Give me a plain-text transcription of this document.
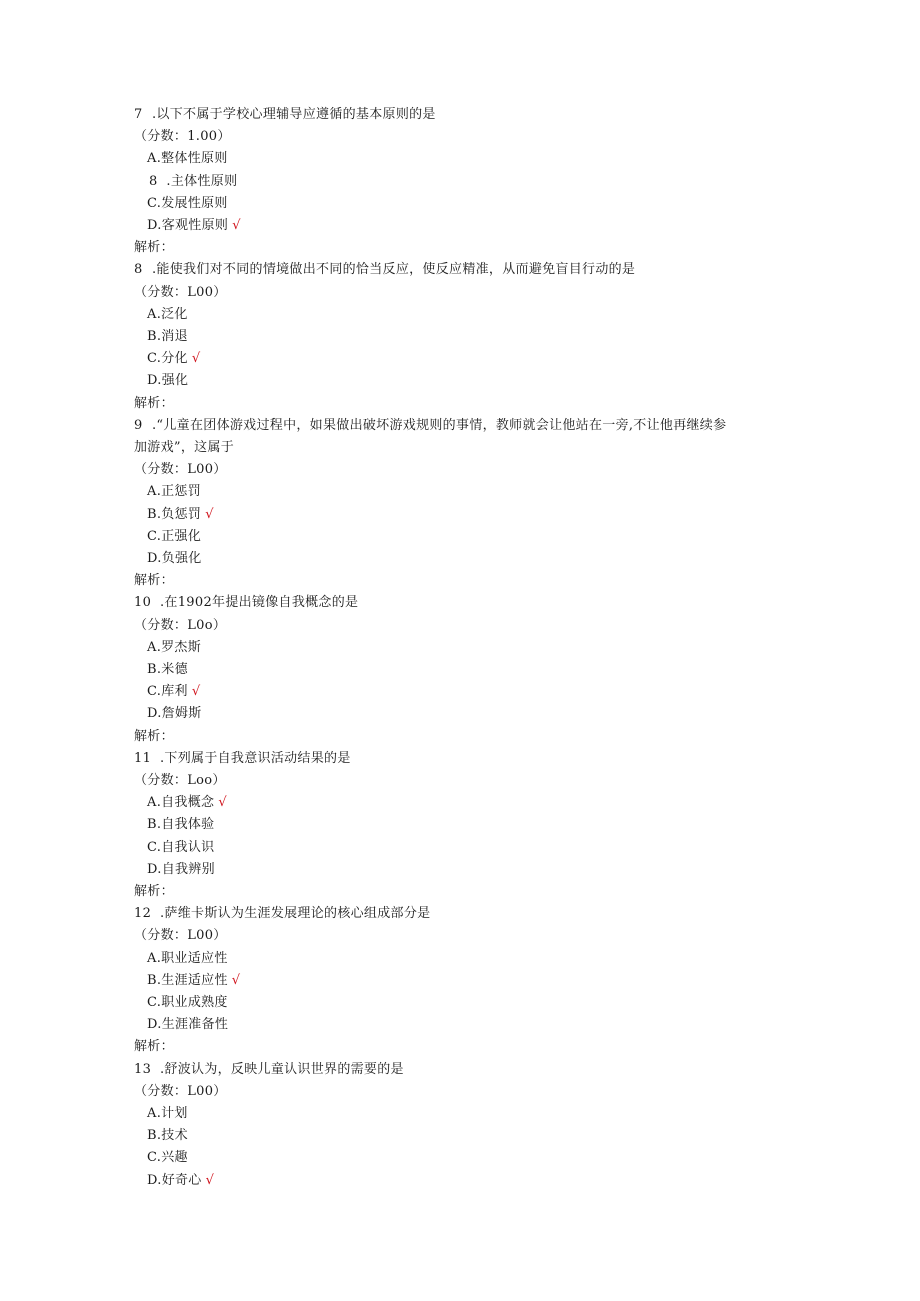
7 .以下不属于学校心理辅导应遵循的基本原则的是
（分数：1.00）
A.整体性原则
8  .主体性原则
C.发展性原则
D.客观性原则 √
解析：
8 .能使我们对不同的情境做出不同的恰当反应，使反应精准，从而避免盲目行动的是
（分数：L00）
A.泛化
B.消退
C.分化 √
D.强化
解析：
9 .“儿童在团体游戏过程中，如果做出破坏游戏规则的事情，教师就会让他站在一旁,不让他再继续参
加游戏”，这属于
（分数：L00）
A.正惩罚
B.负惩罚 √
C.正强化
D.负强化
解析：
10 .在1902年提出镜像自我概念的是
（分数：L0o）
A.罗杰斯
B.米德
C.库利 √
D.詹姆斯
解析：
11 .下列属于自我意识活动结果的是
（分数：Loo）
A.自我概念 √
B.自我体验
C.自我认识
D.自我辨别
解析：
12 .萨维卡斯认为生涯发展理论的核心组成部分是
（分数：L00）
A.职业适应性
B.生涯适应性 √
C.职业成熟度
D.生涯准备性
解析：
13 .舒波认为，反映儿童认识世界的需要的是
（分数：L00）
A.计划
B.技术
C.兴趣
D.好奇心 √
